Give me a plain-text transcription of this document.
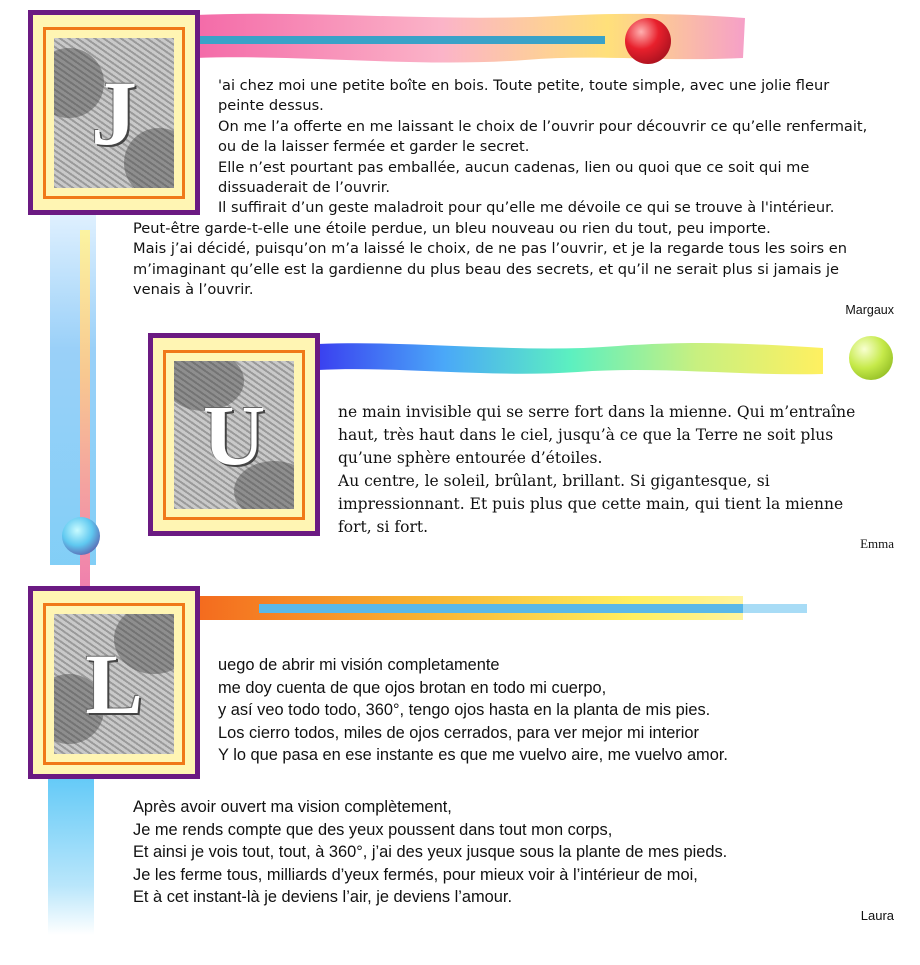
J	'ai chez moi une petite boîte en bois. Toute petite, toute simple, avec une jolie fleur
peinte dessus.
On me l’a offerte en me laissant le choix de l’ouvrir pour découvrir ce qu’elle renfermait,
ou de la laisser fermée et garder le secret.
Elle n’est pourtant pas emballée, aucun cadenas, lien ou quoi que ce soit qui me
dissuaderait de l’ouvrir.
Il suffirait d’un geste maladroit pour qu’elle me dévoile ce qui se trouve à l'intérieur.
Peut-être garde-t-elle une étoile perdue, un bleu nouveau ou rien du tout, peu importe.
Mais j’ai décidé, puisqu’on m’a laissé le choix, de ne pas l’ouvrir, et je la regarde tous les soirs en
m’imaginant qu’elle est la gardienne du plus beau des secrets, et qu’il ne serait plus si jamais je
venais à l’ouvrir.
Margaux
U	ne main invisible qui se serre fort dans la mienne. Qui m’entraîne
haut, très haut dans le ciel, jusqu’à ce que la Terre ne soit plus
qu’une sphère entourée d’étoiles.
Au centre, le soleil, brûlant, brillant. Si gigantesque, si
impressionnant. Et puis plus que cette main, qui tient la mienne
fort, si fort.
Emma
L	uego de abrir mi visión completamente
me doy cuenta de que ojos brotan en todo mi cuerpo,
y así veo todo todo, 360°, tengo ojos hasta en la planta de mis pies.
Los cierro todos, miles de ojos cerrados, para ver mejor mi interior
Y lo que pasa en ese instante es que me vuelvo aire, me vuelvo amor.
Après avoir ouvert ma vision complètement,
Je me rends compte que des yeux poussent dans tout mon corps,
Et ainsi je vois tout, tout, à 360°, j’ai des yeux jusque sous la plante de mes pieds.
Je les ferme tous, milliards d’yeux fermés, pour mieux voir à l’intérieur de moi,
Et à cet instant-là je deviens l’air, je deviens l’amour.
Laura
